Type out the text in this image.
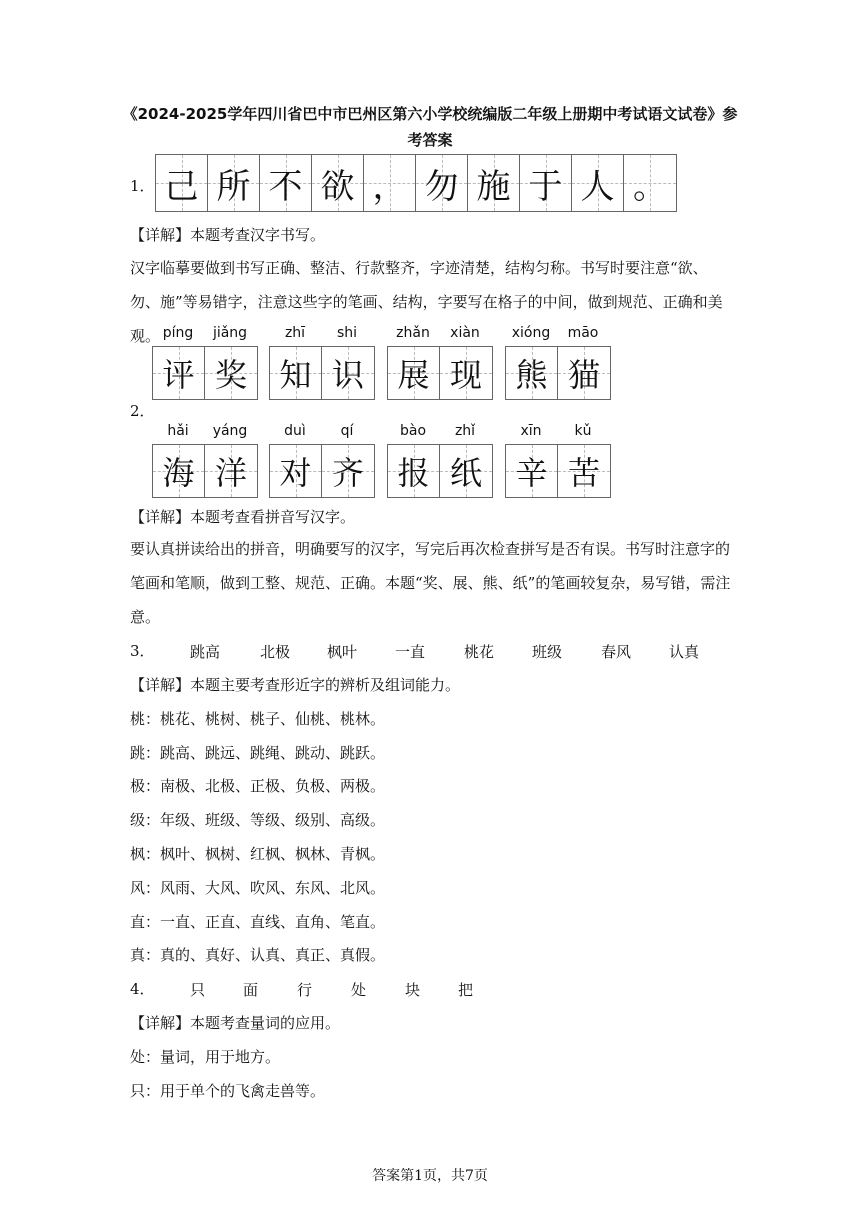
《2024-2025学年四川省巴中市巴州区第六小学校统编版二年级上册期中考试语文试卷》参考答案
1． 己 所 不 欲 ， 勿 施 于 人 。
【详解】本题考查汉字书写。
汉字临摹要做到书写正确、整洁、行款整齐，字迹清楚，结构匀称。书写时要注意“欲、勿、施”等易错字，注意这些字的笔画、结构，字要写在格子的中间，做到规范、正确和美观。
2．
píng	jiǎng
评 奖
zhī	shi
知 识
zhǎn	xiàn
展 现
xióng	māo
熊 猫
hǎi	yáng
海 洋
duì	qí
对 齐
bào	zhǐ
报 纸
xīn	kǔ
辛 苦
【详解】本题考查看拼音写汉字。
要认真拼读给出的拼音，明确要写的汉字，写完后再次检查拼写是否有误。书写时注意字的笔画和笔顺，做到工整、规范、正确。本题“奖、展、熊、纸”的笔画较复杂，易写错，需注意。
3． 跳高	北极 枫叶	一直	桃花	班级	春风	认真
【详解】本题主要考查形近字的辨析及组词能力。
桃：桃花、桃树、桃子、仙桃、桃林。
跳：跳高、跳远、跳绳、跳动、跳跃。
极：南极、北极、正极、负极、两极。
级：年级、班级、等级、级别、高级。
枫：枫叶、枫树、红枫、枫林、青枫。
风：风雨、大风、吹风、东风、北风。
直：一直、正直、直线、直角、笔直。
真：真的、真好、认真、真正、真假。
4． 只	面	行	处	块	把
【详解】本题考查量词的应用。
处：量词，用于地方。
只：用于单个的飞禽走兽等。
答案第1页，共7页
